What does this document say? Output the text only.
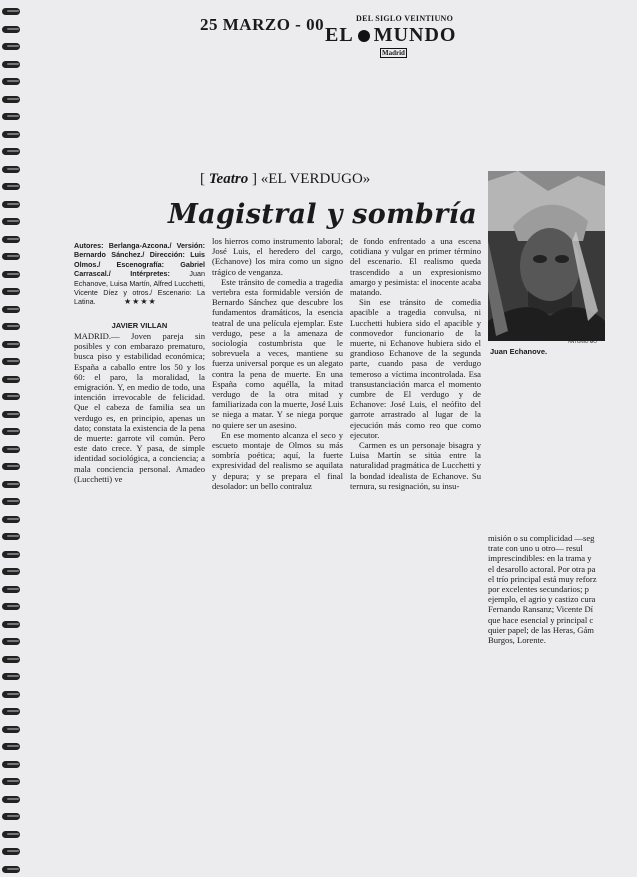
25 MARZO - 00	DEL SIGLO VEINTIUNO
EL MUNDO
Madrid
[ Teatro ] «EL VERDUGO»
Magistral y sombría
Autores: Berlanga-Azcona./ Versión: Bernardo Sánchez./ Dirección: Luis Olmos./ Escenografía: Gabriel Carrascal./ Intérpretes: Juan Echanove, Luisa Martín, Alfred Lucchetti, Vicente Díez y otros./ Escenario: La Latina.	★★★★
JAVIER VILLAN

MADRID.— Joven pareja sin posibles y con embarazo prematuro, busca piso y estabilidad económica; España a caballo entre los 50 y los 60: el paro, la moralidad, la emigración. Y, en medio de todo, una intención irrevocable de felicidad. Que el cabeza de familia sea un verdugo es, en principio, apenas un dato; constata la existencia de la pena de muerte: garrote vil común. Pero este dato crece. Y pasa, de simple identidad sociológica, a conciencia; a mala conciencia personal. Amadeo (Lucchetti) ve

los hierros como instrumento laboral; José Luis, el heredero del cargo, (Echanove) los mira como un signo trágico de venganza.

Este tránsito de comedia a tragedia vertebra esta formidable versión de Bernardo Sánchez que descubre los fundamentos dramáticos, la esencia teatral de una película ejemplar. Este verdugo, pese a la amenaza de sociología costumbrista que le sobrevuela a veces, mantiene su fuerza universal porque es un alegato contra la pena de muerte. En una España como aquélla, la mitad verdugo de la otra mitad y familiarizada con la muerte, José Luis se niega a matar. Y se niega porque no quiere ser un asesino.

En ese momento alcanza el seco y escueto montaje de Olmos su más sombría poética; aquí, la fuerte expresividad del realismo se aquilata y depura; y se prepara el final desolador: un bello contraluz

de fondo enfrentado a una escena cotidiana y vulgar en primer término del escenario. El realismo queda trascendido a un expresionismo amargo y pesimista: el inocente acaba matando.

Sin ese tránsito de comedia apacible a tragedia convulsa, ni Lucchetti hubiera sido el apacible y conmovedor funcionario de la muerte, ni Echanove hubiera sido el grandioso Echanove de la segunda parte, cuando pasa de verdugo temeroso a víctima incontrolada. Esa transustanciación marca el momento cumbre de El verdugo y de Echanove: José Luis, el neófito del garrote arrastrado al lugar de la ejecución más como reo que como ejecutor.

Carmen es un personaje bisagra y Luisa Martín se sitúa entre la naturalidad pragmática de Lucchetti y la bondad idealista de Echanove. Su ternura, su resignación, su insu-

ANTONIO MO
Juan Echanove.
misión o su complicidad —seg
trate con uno u otro— resul
imprescindibles: en la trama y
el desarollo actoral. Por otra pa
el trío principal está muy reforz
por excelentes secundarios; p
ejemplo, el agrio y castizo cura
Fernando Ransanz; Vicente Dí
que hace esencial y principal c
quier papel; de las Heras, Gám
Burgos, Lorente.
